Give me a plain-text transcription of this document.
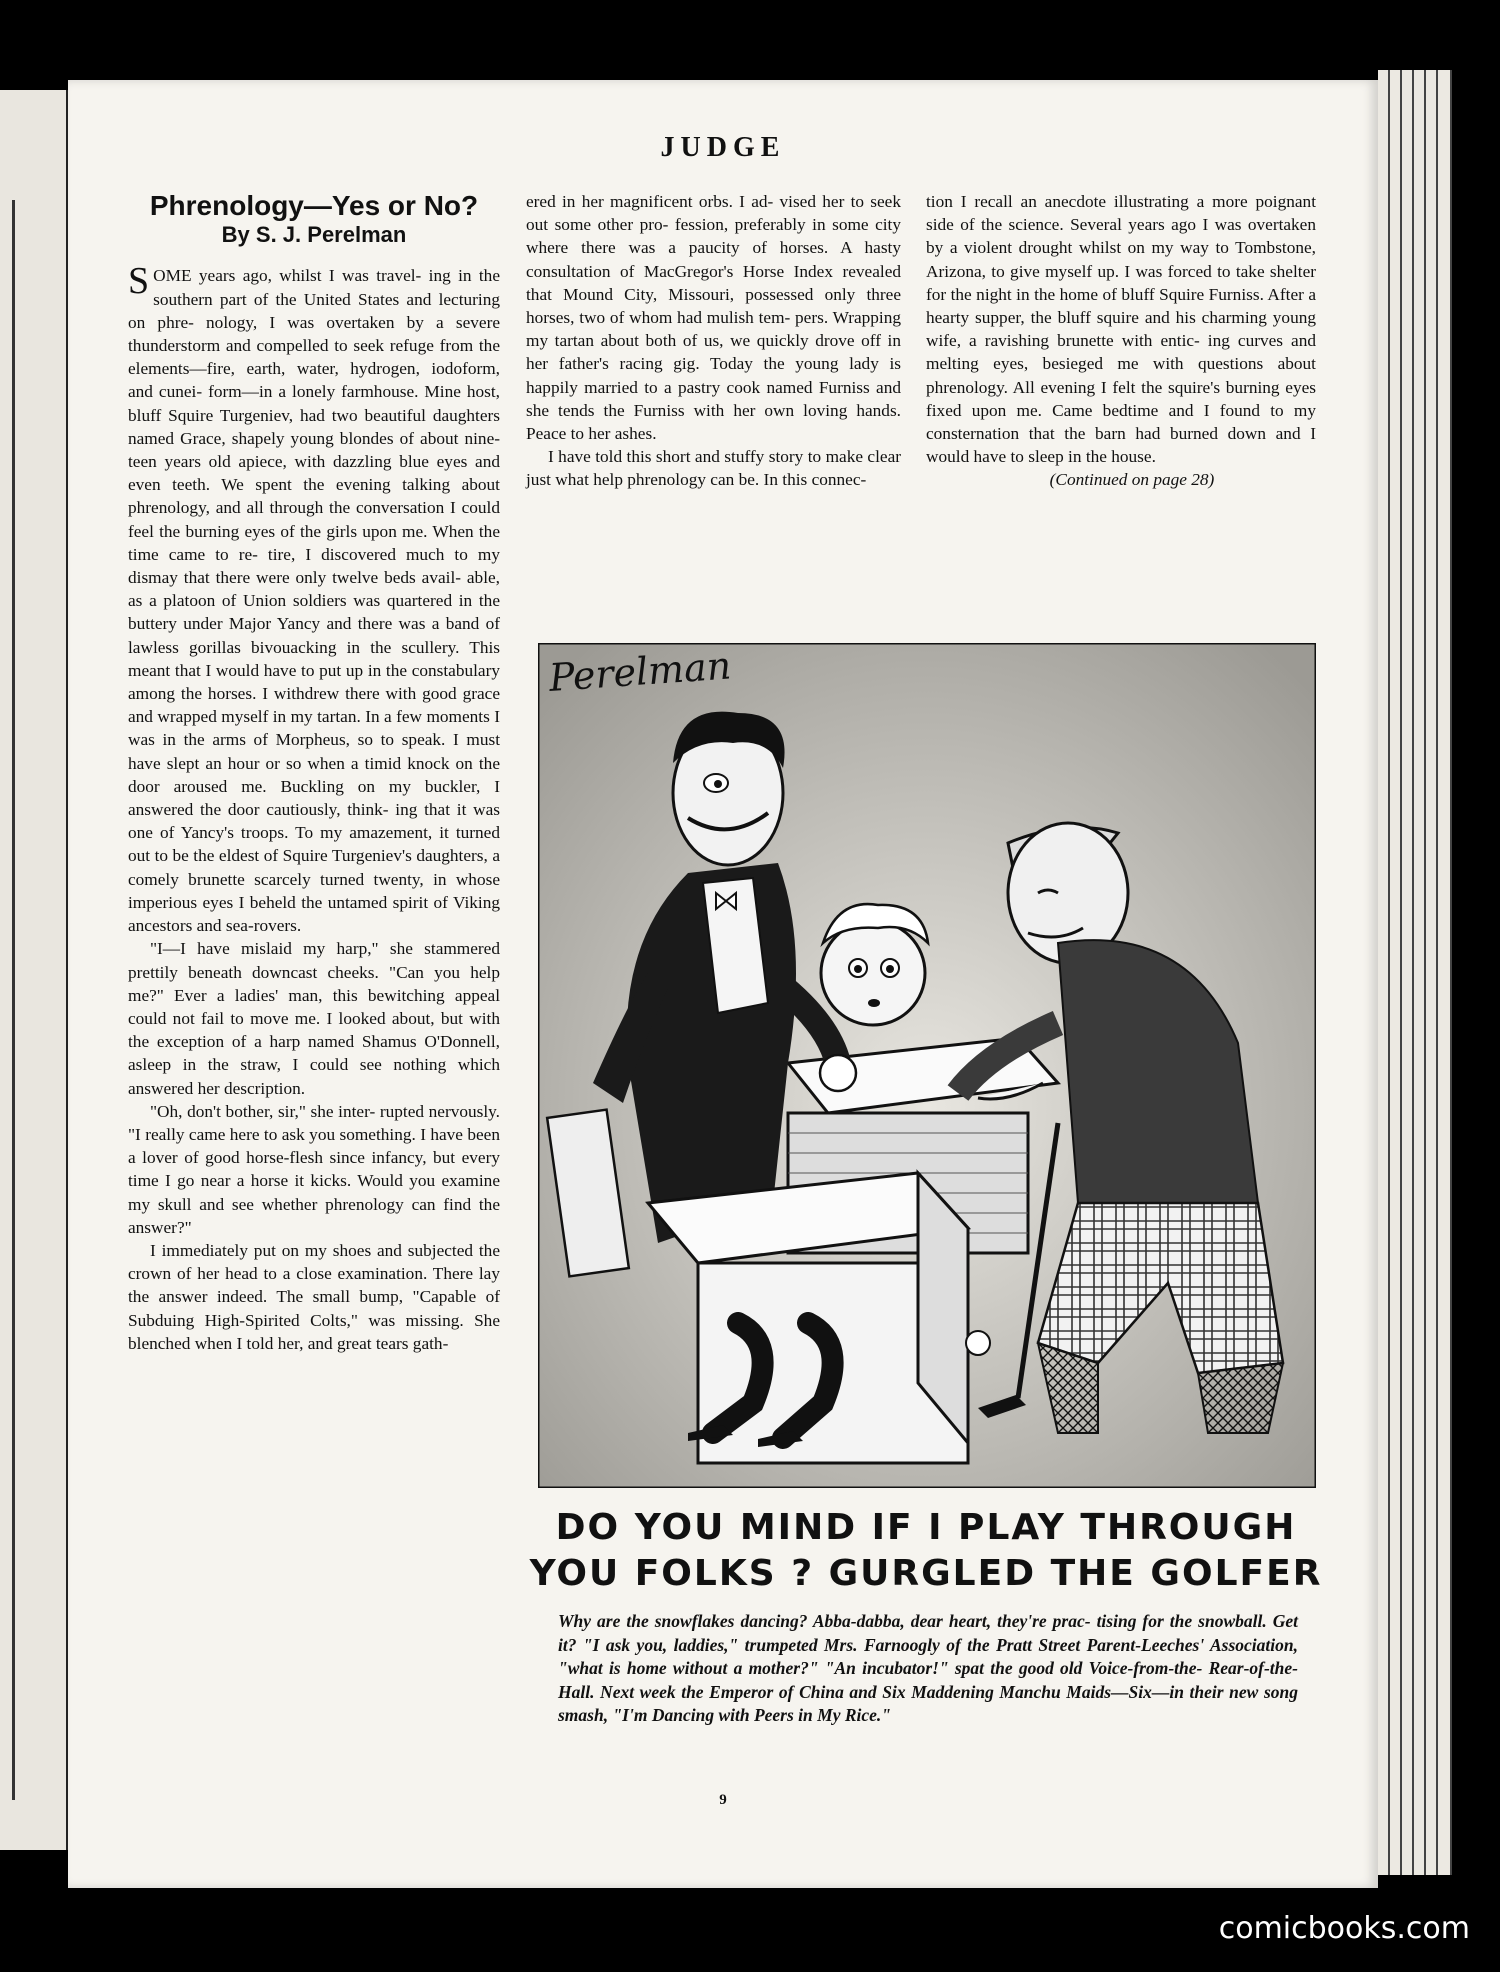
JUDGE
Phrenology—Yes or No?
By S. J. Perelman

SOME years ago, whilst I was travel- ing in the southern part of the United States and lecturing on phre- nology, I was overtaken by a severe thunderstorm and compelled to seek refuge from the elements—fire, earth, water, hydrogen, iodoform, and cunei- form—in a lonely farmhouse. Mine host, bluff Squire Turgeniev, had two beautiful daughters named Grace, shapely young blondes of about nine- teen years old apiece, with dazzling blue eyes and even teeth. We spent the evening talking about phrenology, and all through the conversation I could feel the burning eyes of the girls upon me. When the time came to re- tire, I discovered much to my dismay that there were only twelve beds avail- able, as a platoon of Union soldiers was quartered in the buttery under Major Yancy and there was a band of lawless gorillas bivouacking in the scullery. This meant that I would have to put up in the constabulary among the horses. I withdrew there with good grace and wrapped myself in my tartan. In a few moments I was in the arms of Morpheus, so to speak. I must have slept an hour or so when a timid knock on the door aroused me. Buckling on my buckler, I answered the door cautiously, think- ing that it was one of Yancy's troops. To my amazement, it turned out to be the eldest of Squire Turgeniev's daughters, a comely brunette scarcely turned twenty, in whose imperious eyes I beheld the untamed spirit of Viking ancestors and sea-rovers.

"I—I have mislaid my harp," she stammered prettily beneath downcast cheeks. "Can you help me?" Ever a ladies' man, this bewitching appeal could not fail to move me. I looked about, but with the exception of a harp named Shamus O'Donnell, asleep in the straw, I could see nothing which answered her description.

"Oh, don't bother, sir," she inter- rupted nervously. "I really came here to ask you something. I have been a lover of good horse-flesh since infancy, but every time I go near a horse it kicks. Would you examine my skull and see whether phrenology can find the answer?"

I immediately put on my shoes and subjected the crown of her head to a close examination. There lay the answer indeed. The small bump, "Capable of Subduing High-Spirited Colts," was missing. She blenched when I told her, and great tears gath-

ered in her magnificent orbs. I ad- vised her to seek out some other pro- fession, preferably in some city where there was a paucity of horses. A hasty consultation of MacGregor's Horse Index revealed that Mound City, Missouri, possessed only three horses, two of whom had mulish tem- pers. Wrapping my tartan about both of us, we quickly drove off in her father's racing gig. Today the young lady is happily married to a pastry cook named Furniss and she tends the Furniss with her own loving hands. Peace to her ashes.

I have told this short and stuffy story to make clear just what help phrenology can be. In this connec-

tion I recall an anecdote illustrating a more poignant side of the science. Several years ago I was overtaken by a violent drought whilst on my way to Tombstone, Arizona, to give myself up. I was forced to take shelter for the night in the home of bluff Squire Furniss. After a hearty supper, the bluff squire and his charming young wife, a ravishing brunette with entic- ing curves and melting eyes, besieged me with questions about phrenology. All evening I felt the squire's burning eyes fixed upon me. Came bedtime and I found to my consternation that the barn had burned down and I would have to sleep in the house.

(Continued on page 28)

Perelman
DO YOU MIND IF I PLAY THROUGH
YOU FOLKS ? GURGLED THE GOLFER
Why are the snowflakes dancing? Abba-dabba, dear heart, they're prac- tising for the snowball. Get it? "I ask you, laddies," trumpeted Mrs. Farnoogly of the Pratt Street Parent-Leeches' Association, "what is home without a mother?" "An incubator!" spat the good old Voice-from-the- Rear-of-the-Hall. Next week the Emperor of China and Six Maddening Manchu Maids—Six—in their new song smash, "I'm Dancing with Peers in My Rice."
9
comicbooks.com
